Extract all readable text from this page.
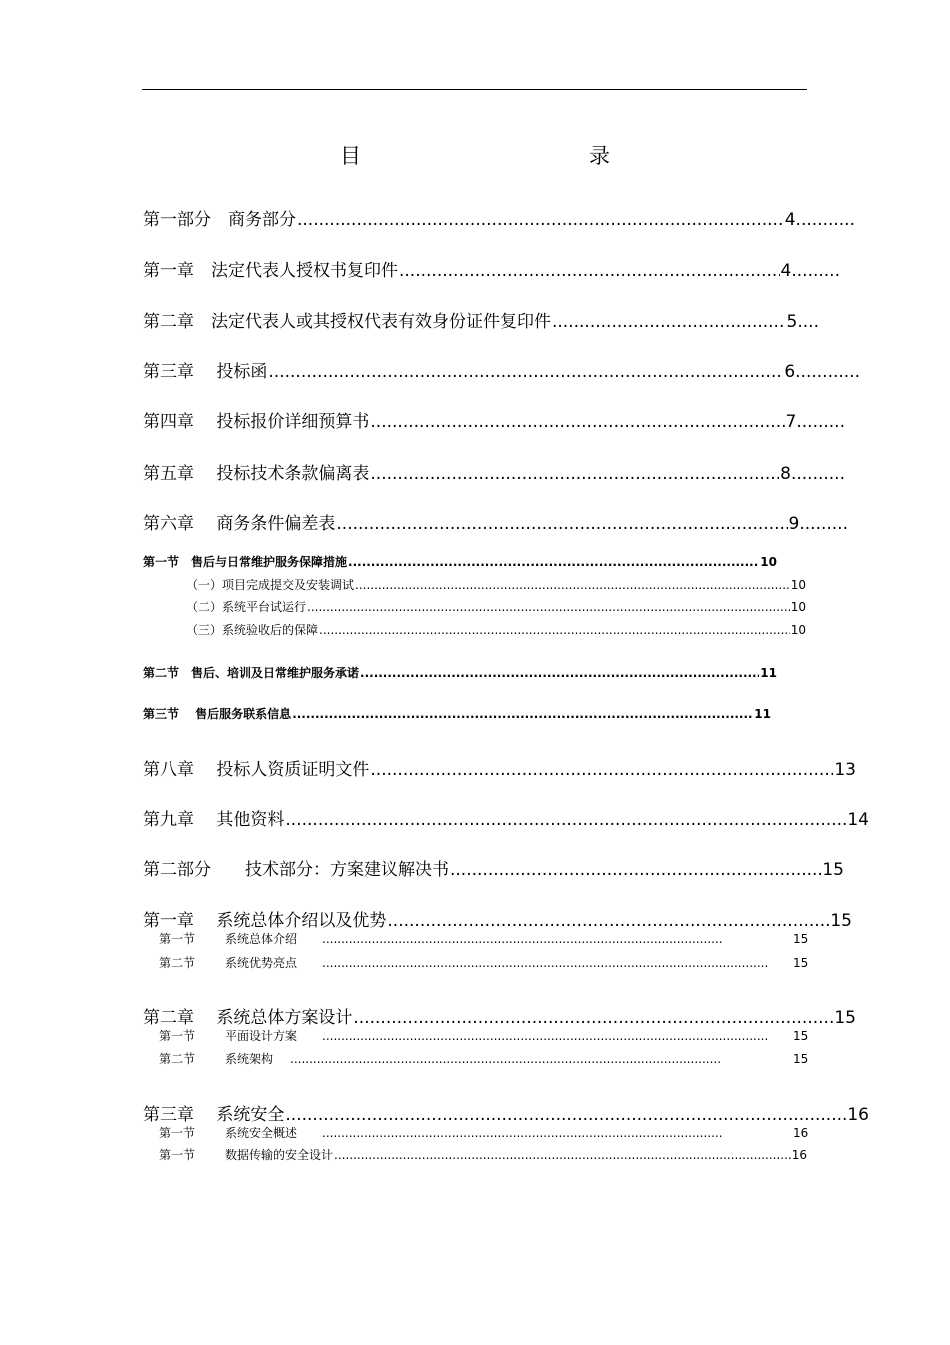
目　　录
第一部分　商务部分 .....	4 ...........
第一章　法定代表人授权书复印件 .....	4 .........
第二章　法定代表人或其授权代表有效身份证件复印件 .....	5 ....
第三章　 投标函 .....	6 ............
第四章　 投标报价详细预算书 .....	7 .........
第五章　 投标技术条款偏离表 .....	8 ..........
第六章　 商务条件偏差表 .....	9 .........
第一节　售后与日常维护服务保障措施 .....	10
（一）项目完成提交及安装调试 .....	10
（二）系统平台试运行 .....	10
（三）系统验收后的保障 .....	10
第二节　售后、培训及日常维护服务承诺 .....	11
第三节　 售后服务联系信息 .....	11
第八章　 投标人资质证明文件 .....	13
第九章　 其他资料 .....	14
第二部分　　技术部分：方案建议解决书 .....	15
第一章　 系统总体介绍以及优势 .....	15
第一节	系统总体介绍 .....	15
第二节	系统优势亮点 .....	15
第二章　 系统总体方案设计 .....	15
第一节	平面设计方案 .....	15
第二节	系统架构 .....	15
第三章　 系统安全 .....	16
第一节	系统安全概述 .....	16
第一节	数据传输的安全设计 .....	16
